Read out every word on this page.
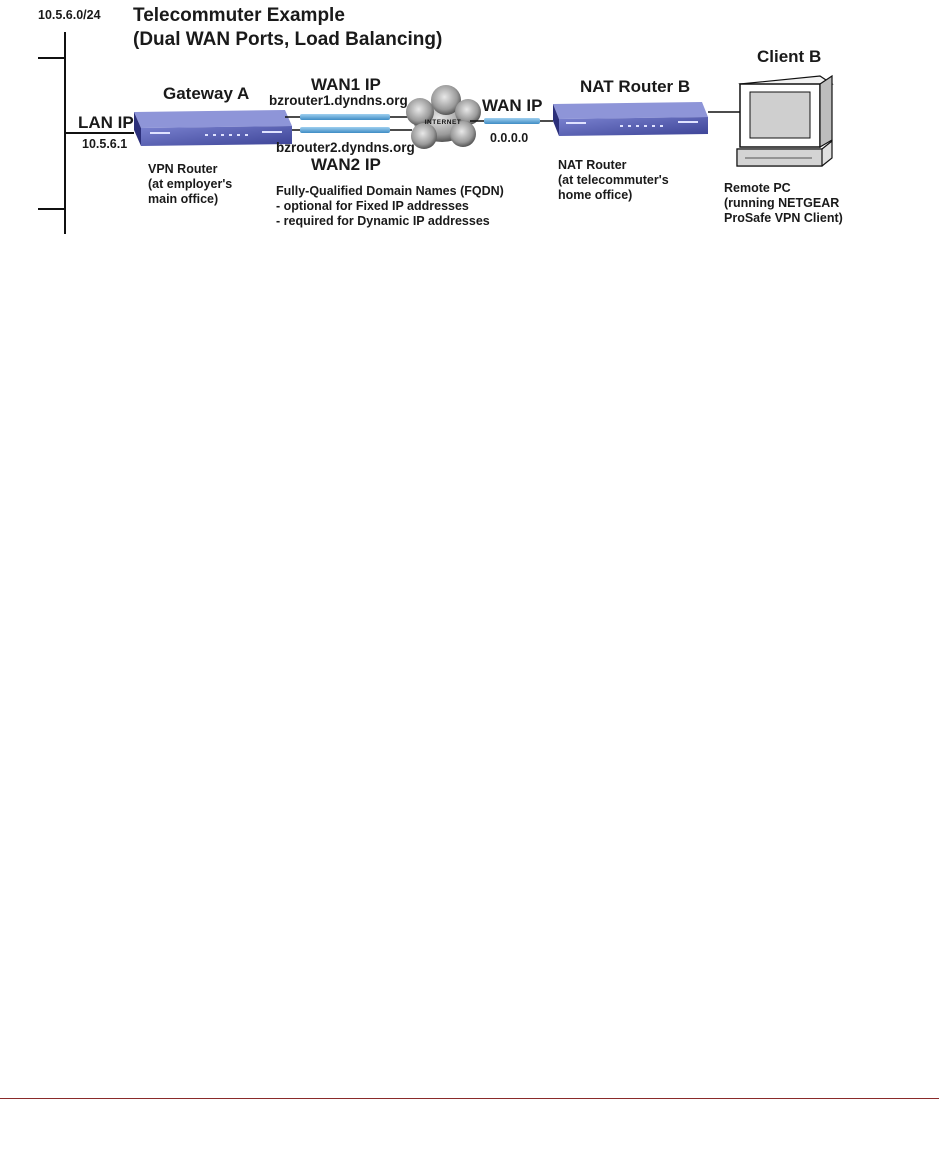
INTERNET
10.5.6.0/24 Telecommuter Example
(Dual WAN Ports, Load Balancing)
LAN IP
10.5.6.1
Gateway A
VPN Router
(at employer's
main office)
WAN1 IP
bzrouter1.dyndns.org
bzrouter2.dyndns.org
WAN2 IP
Fully-Qualified Domain Names (FQDN)
- optional for Fixed IP addresses
- required for Dynamic IP addresses
WAN IP
0.0.0.0
NAT Router B
NAT Router
(at telecommuter's
home office)
Client B
Remote PC
(running NETGEAR
ProSafe VPN Client)
